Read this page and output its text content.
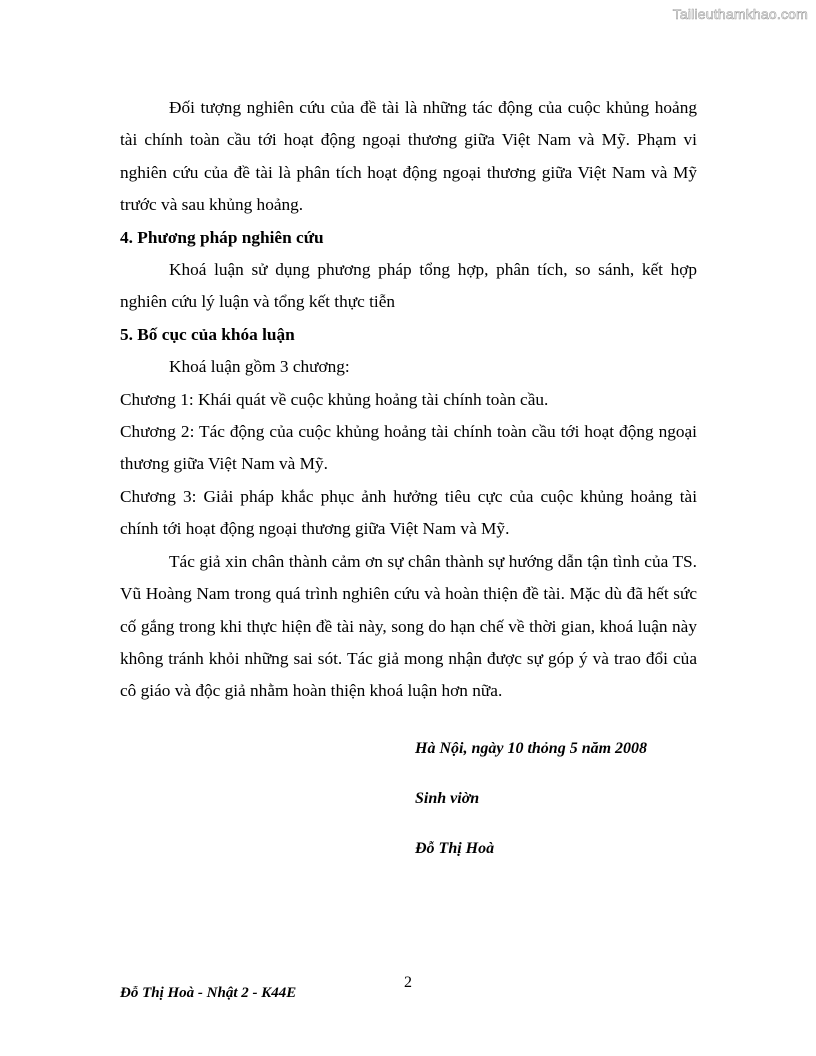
Tailieuthamkhao.com

Đối tượng nghiên cứu của đề tài là những tác động của cuộc khủng hoảng tài chính toàn cầu tới hoạt động ngoại thương giữa Việt Nam và Mỹ. Phạm vi nghiên cứu của đề tài là phân tích hoạt động ngoại thương giữa Việt Nam và Mỹ trước và sau khủng hoảng.

4. Phương pháp nghiên cứu

Khoá luận sử dụng phương pháp tổng hợp, phân tích, so sánh, kết hợp nghiên cứu lý luận và tổng kết thực tiễn

5. Bố cục của khóa luận

Khoá luận gồm 3 chương:

Chương 1: Khái quát về cuộc khủng hoảng tài chính toàn cầu.

Chương 2: Tác động của cuộc khủng hoảng tài chính toàn cầu tới hoạt động ngoại thương giữa Việt Nam và Mỹ.

Chương 3: Giải pháp khắc phục ảnh hưởng tiêu cực của cuộc khủng hoảng tài chính tới hoạt động ngoại thương giữa Việt Nam và Mỹ.

Tác giả xin chân thành cảm ơn sự chân thành sự hướng dẫn tận tình của TS. Vũ Hoàng Nam trong quá trình nghiên cứu và hoàn thiện đề tài. Mặc dù đã hết sức cố gắng trong khi thực hiện đề tài này, song do hạn chế về thời gian, khoá luận này không tránh khỏi những sai sót. Tác giả mong nhận được sự góp ý và trao đổi của cô giáo và độc giả nhằm hoàn thiện khoá luận hơn nữa.

Hà Nội, ngày 10 thỏng 5 năm 2008
Sinh viờn
Đỗ Thị Hoà
2
Đỗ Thị Hoà - Nhật 2 - K44E
